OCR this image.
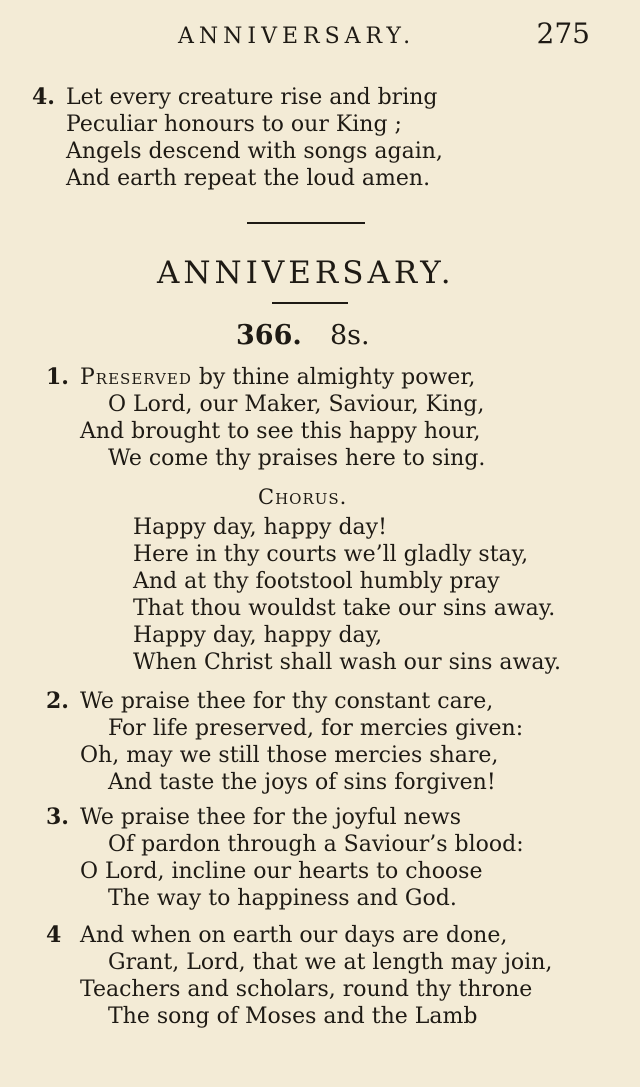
ANNIVERSARY.	275
4. Let every creature rise and bring
Peculiar honours to our King ;
Angels descend with songs again,
And earth repeat the loud amen.
ANNIVERSARY.
366. 8s.
1. Preserved by thine almighty power,
O Lord, our Maker, Saviour, King,
And brought to see this happy hour,
We come thy praises here to sing.
Chorus.
Happy day, happy day!
Here in thy courts we’ll gladly stay,
And at thy footstool humbly pray
That thou wouldst take our sins away.
Happy day, happy day,
When Christ shall wash our sins away.
2. We praise thee for thy constant care,
For life preserved, for mercies given:
Oh, may we still those mercies share,
And taste the joys of sins forgiven!
3. We praise thee for the joyful news
Of pardon through a Saviour’s blood:
O Lord, incline our hearts to choose
The way to happiness and God.
4 And when on earth our days are done,
Grant, Lord, that we at length may join,
Teachers and scholars, round thy throne
The song of Moses and the Lamb
